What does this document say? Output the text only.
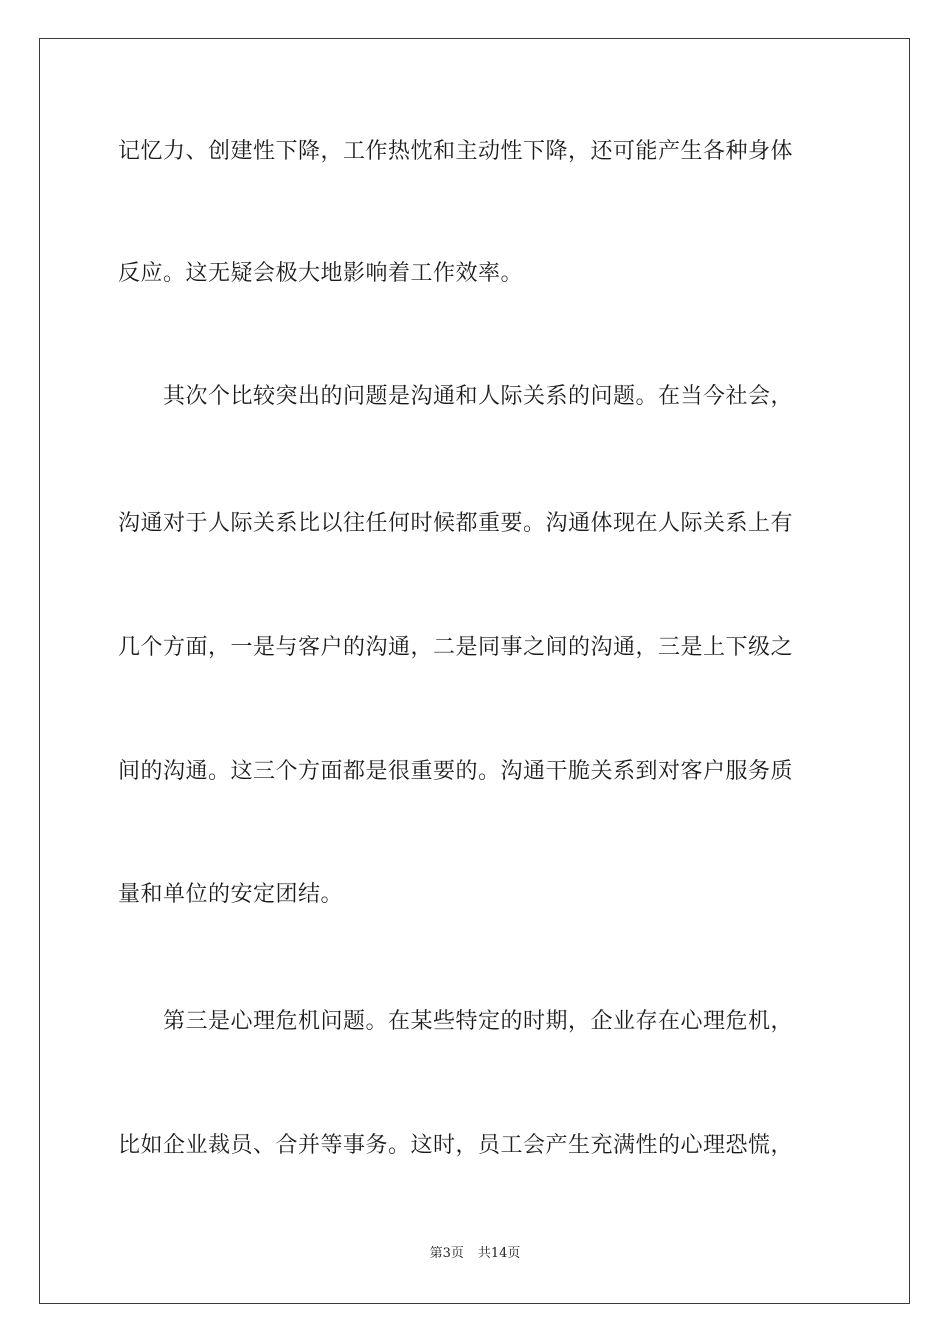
记忆力、创建性下降，工作热忱和主动性下降，还可能产生各种身体
反应。这无疑会极大地影响着工作效率。
　　其次个比较突出的问题是沟通和人际关系的问题。在当今社会，
沟通对于人际关系比以往任何时候都重要。沟通体现在人际关系上有
几个方面，一是与客户的沟通，二是同事之间的沟通，三是上下级之
间的沟通。这三个方面都是很重要的。沟通干脆关系到对客户服务质
量和单位的安定团结。
　　第三是心理危机问题。在某些特定的时期，企业存在心理危机，
比如企业裁员、合并等事务。这时，员工会产生充满性的心理恐慌，
第3页 共14页
